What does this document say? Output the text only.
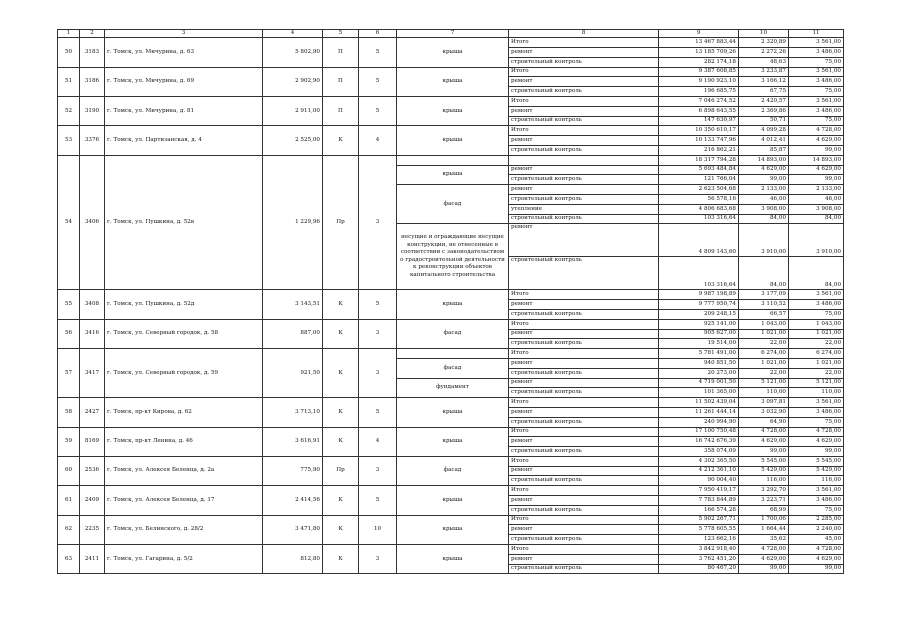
1	2	3	4	5	6	7	8	9	10	11
50	3183	г. Томск, ул. Мичурина, д. 63	5 802,90	П	5	крыша	Итого	13 467 883,44	2 320,89	3 561,00
							ремонт	13 185 709,26	2 272,26	3 486,00
							строительный контроль	282 174,18	48,63	75,00
51	3186	г. Томск, ул. Мичурина, д. 69	2 902,90	П	5	крыша	Итого	9 387 608,85	3 233,87	3 561,00
							ремонт	9 190 923,10	3 166,12	3 486,00
							строительный контроль	196 685,75	67,75	75,00
52	3190	г. Томск, ул. Мичурина, д. 81	2 911,00	П	5	крыша	Итого	7 046 274,52	2 420,57	3 561,00
							ремонт	6 898 643,55	2 369,86	3 486,00
							строительный контроль	147 630,97	50,71	75,00
53	3376	г. Томск, ул. Партизанская, д. 4	2 525,00	К	4	крыша	Итого	10 350 610,17	4 099,28	4 728,00
							ремонт	10 133 747,96	4 012,41	4 629,00
							строительный контроль	216 862,21	85,87	99,00
54	3406	г. Томск, ул. Пушкина, д. 52в	1 229,96	Пр	3			18 317 794,28	14 893,00	14 893,00
						крыша	ремонт	5 693 484,84	4 629,00	4 629,00
							строительный контроль	121 766,04	99,00	99,00
						фасад	ремонт	2 623 504,68	2 133,00	2 133,00
							строительный контроль	56 578,16	46,00	46,00
							утепление	4 806 683,68	3 908,00	3 908,00
							строительный контроль	103 316,64	84,00	84,00
						несущие и ограждающие несущие конструкции, не отнесенные в соответствии с законодательством о градостроительной деятельности к реконструкции объектов капитального строительства	ремонт	4 809 143,60	3 910,00	3 910,00
							строительный контроль	103 316,64	84,00	84,00
55	3408	г. Томск, ул. Пушкина, д. 52д	3 143,51	К	5	крыша	Итого	9 987 198,89	3 177,09	3 561,00
							ремонт	9 777 950,74	3 110,52	3 486,00
							строительный контроль	209 248,15	66,57	75,00
56	3416	г. Томск, ул. Северный городок, д. 58	887,00	К	3	фасад	Итого	925 141,00	1 043,00	1 043,00
							ремонт	905 627,00	1 021,00	1 021,00
							строительный контроль	19 514,00	22,00	22,00
57	3417	г. Томск, ул. Северный городок, д. 59	921,50	К	3		Итого	5 781 491,00	6 274,00	6 274,00
						фасад	ремонт	940 851,50	1 021,00	1 021,00
							строительный контроль	20 273,00	22,00	22,00
						фундамент	ремонт	4 719 001,50	5 121,00	5 121,00
							строительный контроль	101 365,00	110,00	110,00
58	2427	г. Томск, пр-кт Кирова, д. 62	3 713,10	К	5	крыша	Итого	11 502 439,04	3 097,81	3 561,00
							ремонт	11 261 444,14	3 032,90	3 486,00
							строительный контроль	240 994,90	64,90	75,00
59	8169	г. Томск, пр-кт Ленина, д. 46	3 616,91	К	4	крыша	Итого	17 100 750,48	4 728,00	4 728,00
							ремонт	16 742 676,39	4 629,00	4 629,00
							строительный контроль	358 074,09	99,00	99,00
60	2536	г. Томск, ул. Алексея Беленца, д. 2а	775,90	Пр	3	фасад	Итого	4 302 365,50	5 545,00	5 545,00
							ремонт	4 212 361,10	5 429,00	5 429,00
							строительный контроль	90 004,40	116,00	116,00
61	2409	г. Томск, ул. Алексея Беленца, д. 17	2 414,56	К	5	крыша	Итого	7 950 419,17	3 292,70	3 561,00
							ремонт	7 783 844,89	3 223,71	3 486,00
							строительный контроль	166 574,28	68,99	75,00
62	2235	г. Томск, ул. Белинского, д. 28/2	3 471,80	К	10	крыша	Итого	5 902 267,71	1 700,06	2 285,00
							ремонт	5 778 605,55	1 664,44	2 240,00
							строительный контроль	123 662,16	35,62	45,00
63	2411	г. Томск, ул. Гагарина, д. 5/2	812,80	К	3	крыша	Итого	3 842 918,40	4 728,00	4 728,00
							ремонт	3 762 451,20	4 629,00	4 629,00
							строительный контроль	80 467,20	99,00	99,00
